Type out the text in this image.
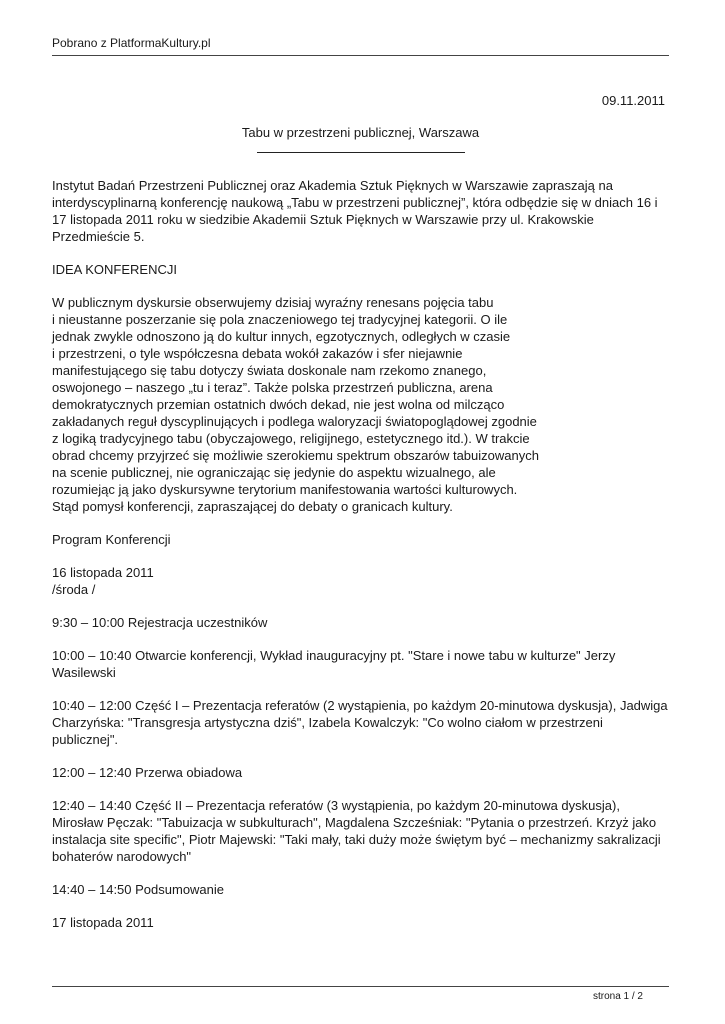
Pobrano z PlatformaKultury.pl
09.11.2011
Tabu w przestrzeni publicznej, Warszawa

Instytut Badań Przestrzeni Publicznej oraz Akademia Sztuk Pięknych w Warszawie zapraszają na interdyscyplinarną konferencję naukową „Tabu w przestrzeni publicznej”, która odbędzie się w dniach 16 i 17 listopada 2011 roku w siedzibie Akademii Sztuk Pięknych w Warszawie przy ul. Krakowskie Przedmieście 5.

IDEA KONFERENCJI

W publicznym dyskursie obserwujemy dzisiaj wyraźny renesans pojęcia tabu
i nieustanne poszerzanie się pola znaczeniowego tej tradycyjnej kategorii. O ile
jednak zwykle odnoszono ją do kultur innych, egzotycznych, odległych w czasie
i przestrzeni, o tyle współczesna debata wokół zakazów i sfer niejawnie
manifestującego się tabu dotyczy świata doskonale nam rzekomo znanego,
oswojonego – naszego „tu i teraz”. Także polska przestrzeń publiczna, arena
demokratycznych przemian ostatnich dwóch dekad, nie jest wolna od milcząco
zakładanych reguł dyscyplinujących i podlega waloryzacji światopoglądowej zgodnie
z logiką tradycyjnego tabu (obyczajowego, religijnego, estetycznego itd.). W trakcie
obrad chcemy przyjrzeć się możliwie szerokiemu spektrum obszarów tabuizowanych
na scenie publicznej, nie ograniczając się jedynie do aspektu wizualnego, ale
rozumiejąc ją jako dyskursywne terytorium manifestowania wartości kulturowych.
Stąd pomysł konferencji, zapraszającej do debaty o granicach kultury.

Program Konferencji

16 listopada 2011
/środa /

9:30 – 10:00 Rejestracja uczestników

10:00 – 10:40 Otwarcie konferencji, Wykład inauguracyjny pt. "Stare i nowe tabu w kulturze" Jerzy Wasilewski

10:40 – 12:00 Część I – Prezentacja referatów (2 wystąpienia, po każdym 20-minutowa dyskusja), Jadwiga Charzyńska: "Transgresja artystyczna dziś", Izabela Kowalczyk: "Co wolno ciałom w przestrzeni publicznej".

12:00 – 12:40 Przerwa obiadowa

12:40 – 14:40 Część II – Prezentacja referatów (3 wystąpienia, po każdym 20-minutowa dyskusja), Mirosław Pęczak: "Tabuizacja w subkulturach", Magdalena Szcześniak: "Pytania o przestrzeń. Krzyż jako instalacja site specific", Piotr Majewski: "Taki mały, taki duży może świętym być – mechanizmy sakralizacji bohaterów narodowych"

14:40 – 14:50 Podsumowanie

17 listopada 2011

strona 1 / 2
